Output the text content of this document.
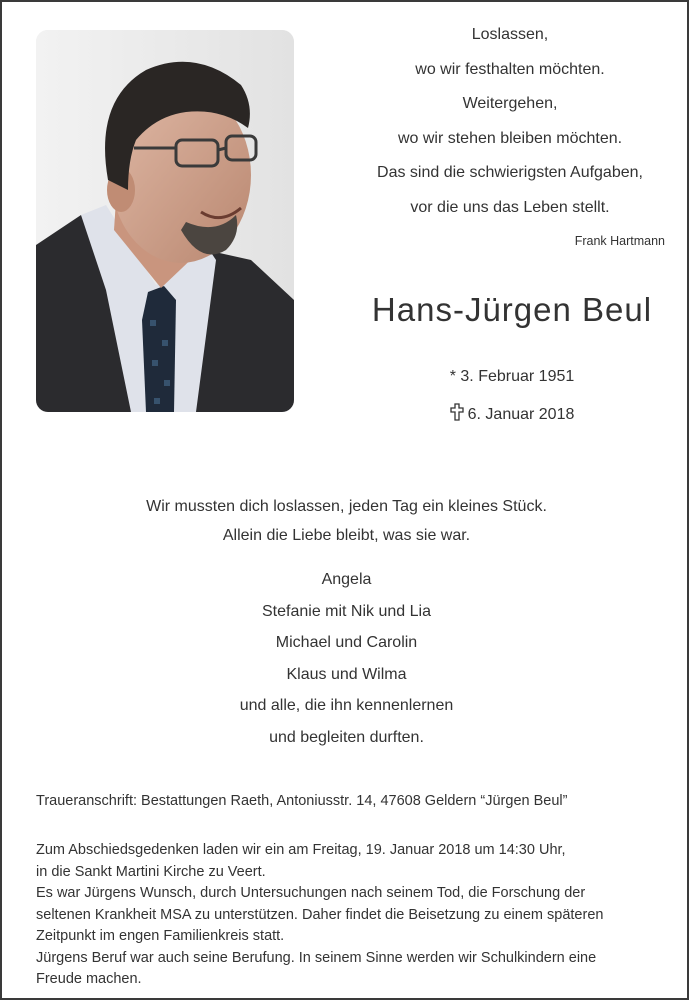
Loslassen,
wo wir festhalten möchten.
Weitergehen,
wo wir stehen bleiben möchten.
Das sind die schwierigsten Aufgaben,
vor die uns das Leben stellt.
Frank Hartmann
Hans-Jürgen Beul
* 3. Februar 1951
6. Januar 2018
Wir mussten dich loslassen, jeden Tag ein kleines Stück.
Allein die Liebe bleibt, was sie war.
Angela
Stefanie mit Nik und Lia
Michael und Carolin
Klaus und Wilma
und alle, die ihn kennenlernen
und begleiten durften.
Traueranschrift: Bestattungen Raeth, Antoniusstr. 14, 47608 Geldern “Jürgen Beul”
Zum Abschiedsgedenken laden wir ein am Freitag, 19. Januar 2018 um 14:30 Uhr,
in die Sankt Martini Kirche zu Veert.
Es war Jürgens Wunsch, durch Untersuchungen nach seinem Tod, die Forschung der
seltenen Krankheit MSA zu unterstützen. Daher findet die Beisetzung zu einem späteren
Zeitpunkt im engen Familienkreis statt.
Jürgens Beruf war auch seine Berufung. In seinem Sinne werden wir Schulkindern eine
Freude machen.
